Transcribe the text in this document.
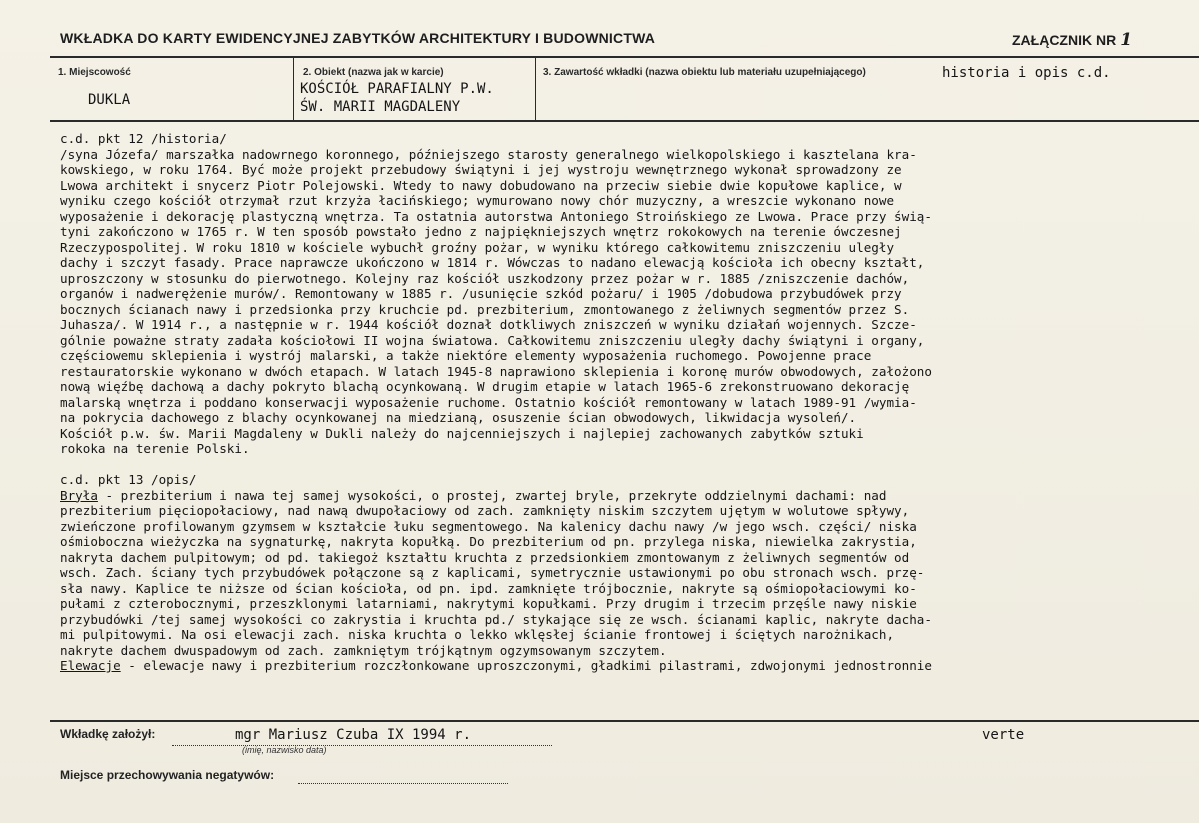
WKŁADKA DO KARTY EWIDENCYJNEJ ZABYTKÓW ARCHITEKTURY I BUDOWNICTWA	ZAŁĄCZNIK NR 1
1. Miejscowość
DUKLA
2. Obiekt (nazwa jak w karcie)
KOŚCIÓŁ PARAFIALNY P.W.
ŚW. MARII MAGDALENY
3. Zawartość wkładki (nazwa obiektu lub materiału uzupełniającego)	historia i opis c.d.
c.d. pkt 12 /historia/
/syna Józefa/ marszałka nadowrnego koronnego, późniejszego starosty generalnego wielkopolskiego i kasztelana kra-
kowskiego, w roku 1764. Być może projekt przebudowy świątyni i jej wystroju wewnętrznego wykonał sprowadzony ze
Lwowa architekt i snycerz Piotr Polejowski. Wtedy to nawy dobudowano na przeciw siebie dwie kopułowe kaplice, w
wyniku czego kościół otrzymał rzut krzyża łacińskiego; wymurowano nowy chór muzyczny, a wreszcie wykonano nowe
wyposażenie i dekorację plastyczną wnętrza. Ta ostatnia autorstwa Antoniego Stroińskiego ze Lwowa. Prace przy świą-
tyni zakończono w 1765 r. W ten sposób powstało jedno z najpiękniejszych wnętrz rokokowych na terenie ówczesnej
Rzeczypospolitej. W roku 1810 w kościele wybuchł groźny pożar, w wyniku którego całkowitemu zniszczeniu uległy
dachy i szczyt fasady. Prace naprawcze ukończono w 1814 r. Wówczas to nadano elewacją kościoła ich obecny kształt,
uproszczony w stosunku do pierwotnego. Kolejny raz kościół uszkodzony przez pożar w r. 1885 /zniszczenie dachów,
organów i nadwerężenie murów/. Remontowany w 1885 r. /usunięcie szkód pożaru/ i 1905 /dobudowa przybudówek przy
bocznych ścianach nawy i przedsionka przy kruchcie pd. prezbiterium, zmontowanego z żeliwnych segmentów przez S.
Juhasza/. W 1914 r., a następnie w r. 1944 kościół doznał dotkliwych zniszczeń w wyniku działań wojennych. Szcze-
gólnie poważne straty zadała kościołowi II wojna światowa. Całkowitemu zniszczeniu uległy dachy świątyni i organy,
częściowemu sklepienia i wystrój malarski, a także niektóre elementy wyposażenia ruchomego. Powojenne prace
restauratorskie wykonano w dwóch etapach. W latach 1945-8 naprawiono sklepienia i koronę murów obwodowych, założono
nową więźbę dachową a dachy pokryto blachą ocynkowaną. W drugim etapie w latach 1965-6 zrekonstruowano dekorację
malarską wnętrza i poddano konserwacji wyposażenie ruchome. Ostatnio kościół remontowany w latach 1989-91 /wymia-
na pokrycia dachowego z blachy ocynkowanej na miedzianą, osuszenie ścian obwodowych, likwidacja wysoleń/.
Kościół p.w. św. Marii Magdaleny w Dukli należy do najcenniejszych i najlepiej zachowanych zabytków sztuki
rokoka na terenie Polski.
c.d. pkt 13 /opis/
Bryła - prezbiterium i nawa tej samej wysokości, o prostej, zwartej bryle, przekryte oddzielnymi dachami: nad
prezbiterium pięciopołaciowy, nad nawą dwupołaciowy od zach. zamknięty niskim szczytem ujętym w wolutowe spływy,
zwieńczone profilowanym gzymsem w kształcie łuku segmentowego. Na kalenicy dachu nawy /w jego wsch. części/ niska
ośmioboczna wieżyczka na sygnaturkę, nakryta kopułką. Do prezbiterium od pn. przylega niska, niewielka zakrystia,
nakryta dachem pulpitowym; od pd. takiegoż kształtu kruchta z przedsionkiem zmontowanym z żeliwnych segmentów od
wsch. Zach. ściany tych przybudówek połączone są z kaplicami, symetrycznie ustawionymi po obu stronach wsch. przę-
sła nawy. Kaplice te niższe od ścian kościoła, od pn. ipd. zamknięte trójbocznie, nakryte są ośmiopołaciowymi ko-
pułami z czterobocznymi, przeszklonymi latarniami, nakrytymi kopułkami. Przy drugim i trzecim przęśle nawy niskie
przybudówki /tej samej wysokości co zakrystia i kruchta pd./ stykające się ze wsch. ścianami kaplic, nakryte dacha-
mi pulpitowymi. Na osi elewacji zach. niska kruchta o lekko wklęsłej ścianie frontowej i ściętych narożnikach,
nakryte dachem dwuspadowym od zach. zamkniętym trójkątnym ogzymsowanym szczytem.
Elewacje - elewacje nawy i prezbiterium rozczłonkowane uproszczonymi, gładkimi pilastrami, zdwojonymi jednostronnie
Wkładkę założył:	mgr Mariusz Czuba IX 1994 r.
(imię, nazwisko data)
verte
Miejsce przechowywania negatywów:
